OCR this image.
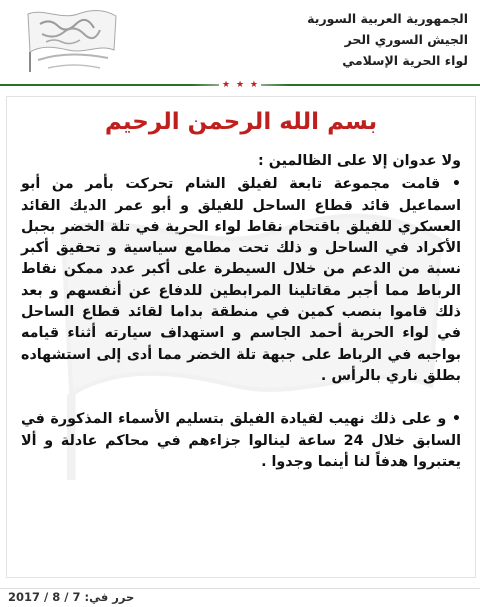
الجمهورية العربية السورية
الجيش السوري الحر
لواء الحرية الإسلامي
★
★
★
بسم الله الرحمن الرحيم

ولا عدوان إلا على الظالمين :

• قامت مجموعة تابعة لفيلق الشام تحركت بأمر من أبو اسماعيل قائد قطاع الساحل للفيلق و أبو عمر الديك القائد العسكري للفيلق باقتحام نقاط لواء الحرية في تلة الخضر بجبل الأكراد في الساحل و ذلك تحت مطامع سياسية و تحقيق أكبر نسبة من الدعم من خلال السيطرة على أكبر عدد ممكن نقاط الرباط مما أجبر مقاتلينا المرابطين للدفاع عن أنفسهم و بعد ذلك قاموا بنصب كمين في منطقة بداما لقائد قطاع الساحل في لواء الحرية أحمد الجاسم و استهداف سيارته أثناء قيامه بواجبه في الرباط على جبهة تلة الخضر مما أدى إلى استشهاده بطلق ناري بالرأس .

• و على ذلك نهيب لقيادة الفيلق بتسليم الأسماء المذكورة في السابق خلال 24 ساعة لينالوا جزاءهم في محاكم عادلة و ألا يعتبروا هدفاً لنا أينما وجدوا .

حرر في: 7 / 8 / 2017
